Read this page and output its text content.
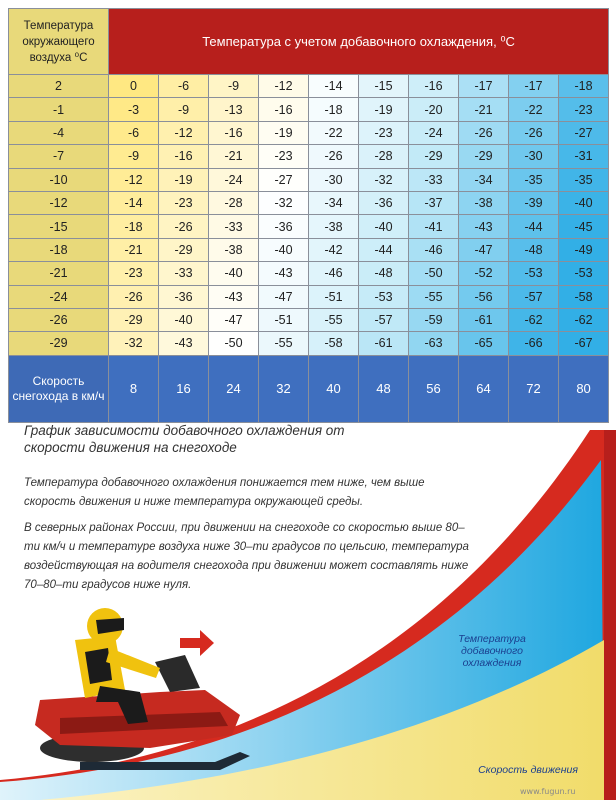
Температура окружающего воздуха ⁰C	Температура с учетом добавочного охлаждения, ⁰С									
2	0	-6	-9	-12	-14	-15	-16	-17	-17	-18
-1	-3	-9	-13	-16	-18	-19	-20	-21	-22	-23
-4	-6	-12	-16	-19	-22	-23	-24	-26	-26	-27
-7	-9	-16	-21	-23	-26	-28	-29	-29	-30	-31
-10	-12	-19	-24	-27	-30	-32	-33	-34	-35	-35
-12	-14	-23	-28	-32	-34	-36	-37	-38	-39	-40
-15	-18	-26	-33	-36	-38	-40	-41	-43	-44	-45
-18	-21	-29	-38	-40	-42	-44	-46	-47	-48	-49
-21	-23	-33	-40	-43	-46	-48	-50	-52	-53	-53
-24	-26	-36	-43	-47	-51	-53	-55	-56	-57	-58
-26	-29	-40	-47	-51	-55	-57	-59	-61	-62	-62
-29	-32	-43	-50	-55	-58	-61	-63	-65	-66	-67
Скорость снегохода в км/ч	8	16	24	32	40	48	56	64	72	80

График зависимости добавочного охлаждения от скорости движения на снегоходе

Температура добавочного охлаждения понижается тем ниже, чем выше скорость движения и ниже температура окружающей среды.

В северных районах России, при движении на снегоходе со скоростью выше 80–ти км/ч и температуре воздуха ниже 30–ти градусов по цельсию, температура воздействующая на водителя снегохода при движении может составлять ниже 70–80–ти градусов ниже нуля.

Температура добавочного охлаждения
Скорость движения
www.fugun.ru
